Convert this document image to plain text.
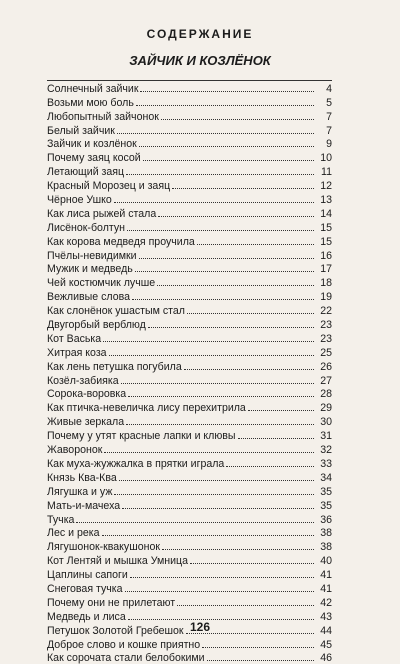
СОДЕРЖАНИЕ
ЗАЙЧИК И КОЗЛЁНОК
Солнечный зайчик	4
Возьми мою боль	5
Любопытный зайчонок	7
Белый зайчик	7
Зайчик и козлёнок	9
Почему заяц косой	10
Летающий заяц	11
Красный Морозец и заяц	12
Чёрное Ушко	13
Как лиса рыжей стала	14
Лисёнок-болтун	15
Как корова медведя проучила	15
Пчёлы-невидимки	16
Мужик и медведь	17
Чей костюмчик лучше	18
Вежливые слова	19
Как слонёнок ушастым стал	22
Двугорбый верблюд	23
Кот Васька	23
Хитрая коза	25
Как лень петушка погубила	26
Козёл-забияка	27
Сорока-воровка	28
Как птичка-невеличка лису перехитрила	29
Живые зеркала	30
Почему у утят красные лапки и клювы	31
Жаворонок	32
Как муха-жужжалка в прятки играла	33
Князь Ква-Ква	34
Лягушка и уж	35
Мать-и-мачеха	35
Тучка	36
Лес и река	38
Лягушонок-квакушонок	38
Кот Лентяй и мышка Умница	40
Цаплины сапоги	41
Снеговая тучка	41
Почему они не прилетают	42
Медведь и лиса	43
Петушок Золотой Гребешок	44
Доброе слово и кошке приятно	45
Как сорочата стали белобокими	46
126
